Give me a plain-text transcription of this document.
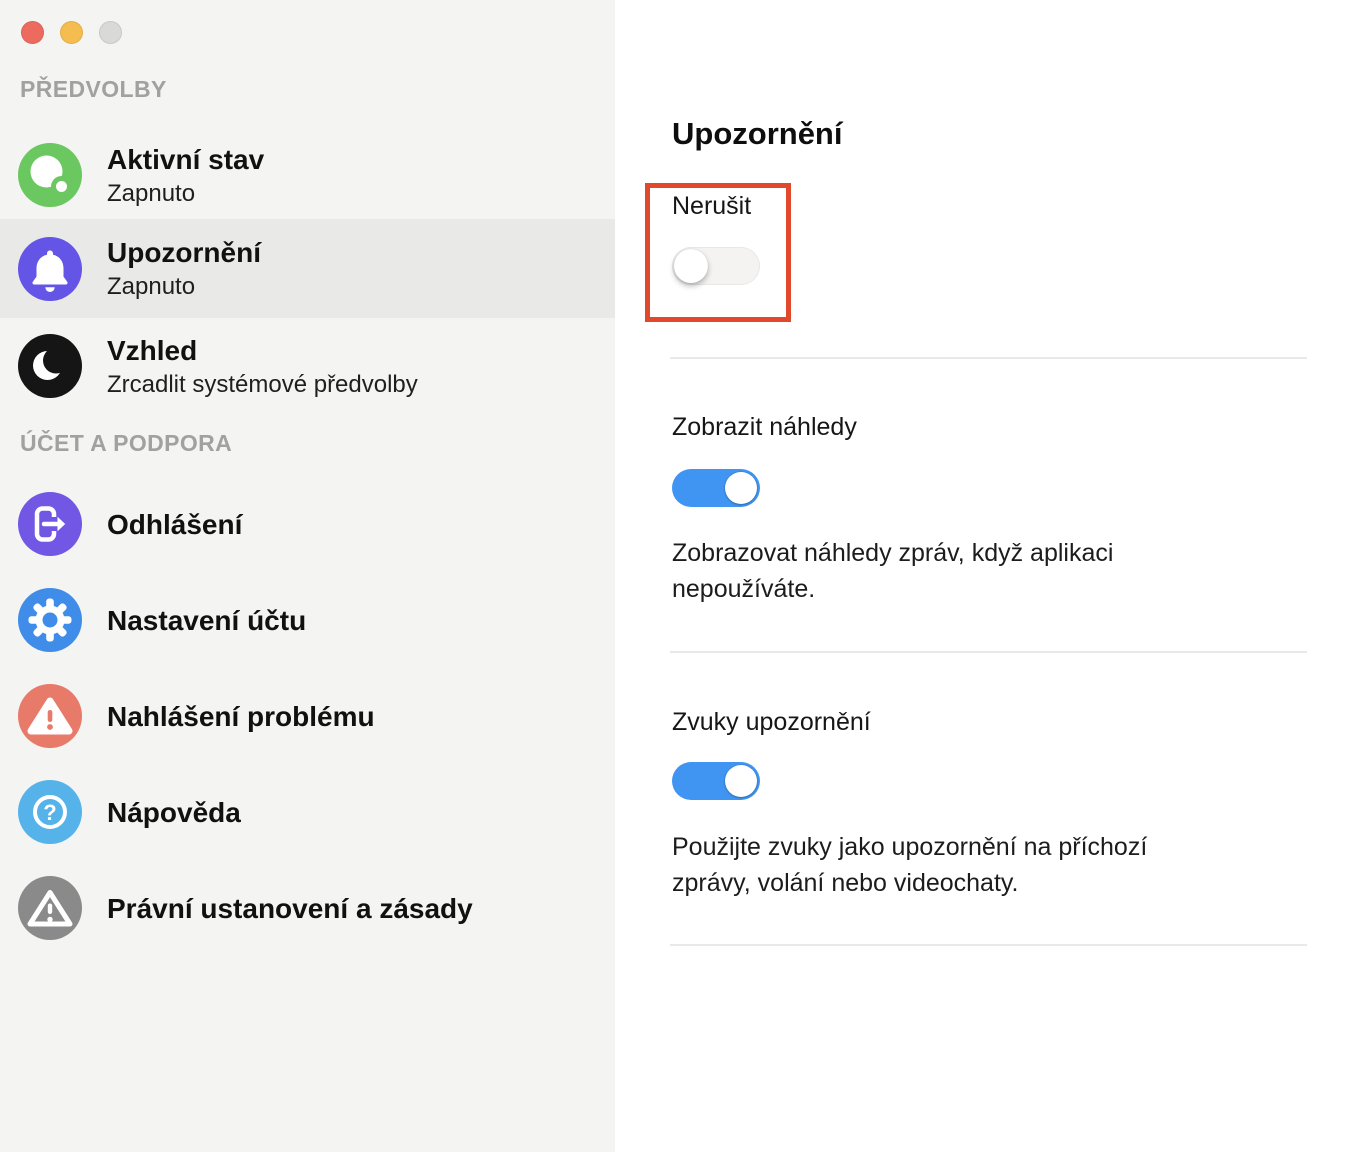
PŘEDVOLBY
Aktivní stav
Zapnuto
Upozornění
Zapnuto
Vzhled
Zrcadlit systémové předvolby
ÚČET A PODPORA
Odhlášení
Nastavení účtu
Nahlášení problému
? Nápověda
Právní ustanovení a zásady
Upozornění
Nerušit
Zobrazit náhledy
Zobrazovat náhledy zpráv, když aplikaci
nepoužíváte.
Zvuky upozornění
Použijte zvuky jako upozornění na příchozí
zprávy, volání nebo videochaty.
